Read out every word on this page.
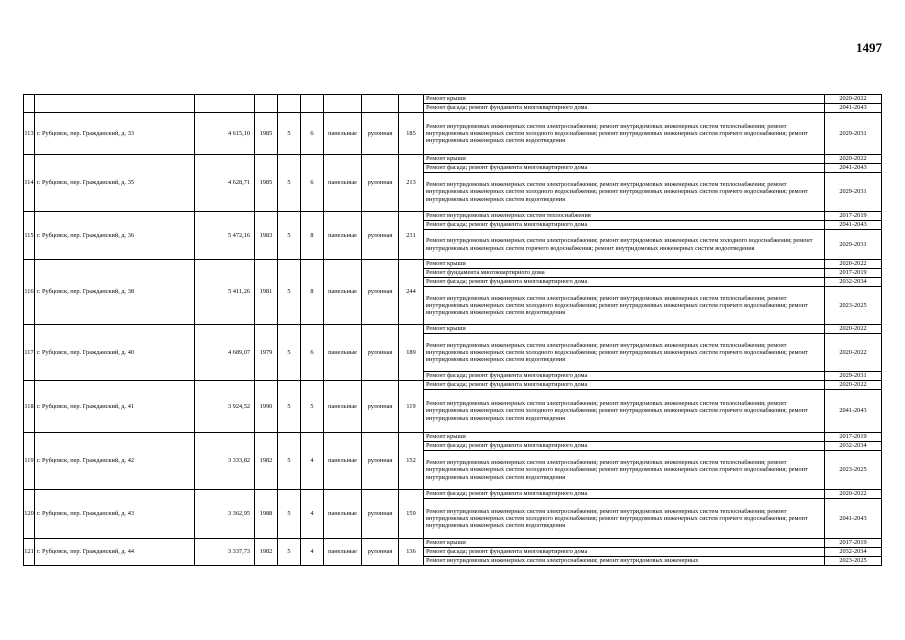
1497
									Ремонт крыши	2020-2022
									Ремонт фасада; ремонт фундамента многоквартирного дома	2041-2043
113	г. Рубцовск, пер. Гражданский, д. 33	4 615,10	1985	5	6	панельные	рулонная	185	Ремонт внутридомовых инженерных систем электроснабжения; ремонт внутридомовых инженерных систем теплоснабжения; ремонт внутридомовых инженерных систем холодного водоснабжения; ремонт внутридомовых инженерных систем горячего водоснабжения; ремонт внутридомовых инженерных систем водоотведения	2029-2031
114	г. Рубцовск, пер. Гражданский, д. 35	4 628,71	1985	5	6	панельные	рулонная	213	Ремонт крыши	2020-2022
									Ремонт фасада; ремонт фундамента многоквартирного дома	2041-2043
									Ремонт внутридомовых инженерных систем электроснабжения; ремонт внутридомовых инженерных систем теплоснабжения; ремонт внутридомовых инженерных систем холодного водоснабжения; ремонт внутридомовых инженерных систем горячего водоснабжения; ремонт внутридомовых инженерных систем водоотведения	2029-2031
115	г. Рубцовск, пер. Гражданский, д. 36	5 472,16	1983	5	8	панельные	рулонная	231	Ремонт внутридомовых инженерных систем теплоснабжения	2017-2019
									Ремонт фасада; ремонт фундамента многоквартирного дома	2041-2043
									Ремонт внутридомовых инженерных систем электроснабжения; ремонт внутридомовых инженерных систем холодного водоснабжения; ремонт внутридомовых инженерных систем горячего водоснабжения; ремонт внутридомовых инженерных систем водоотведения	2029-2031
116	г. Рубцовск, пер. Гражданский, д. 38	5 411,26	1981	5	8	панельные	рулонная	244	Ремонт крыши	2020-2022
									Ремонт фундамента многоквартирного дома	2017-2019
									Ремонт фасада; ремонт фундамента многоквартирного дома	2032-2034
									Ремонт внутридомовых инженерных систем электроснабжения; ремонт внутридомовых инженерных систем теплоснабжения; ремонт внутридомовых инженерных систем холодного водоснабжения; ремонт внутридомовых инженерных систем горячего водоснабжения; ремонт внутридомовых инженерных систем водоотведения	2023-2025
117	г. Рубцовск, пер. Гражданский, д. 40	4 689,07	1979	5	6	панельные	рулонная	189	Ремонт крыши	2020-2022
									Ремонт внутридомовых инженерных систем электроснабжения; ремонт внутридомовых инженерных систем теплоснабжения; ремонт внутридомовых инженерных систем холодного водоснабжения; ремонт внутридомовых инженерных систем горячего водоснабжения; ремонт внутридомовых инженерных систем водоотведения	2020-2022
									Ремонт фасада; ремонт фундамента многоквартирного дома	2029-2031
118	г. Рубцовск, пер. Гражданский, д. 41	3 924,52	1990	5	5	панельные	рулонная	119	Ремонт фасада; ремонт фундамента многоквартирного дома	2020-2022
									Ремонт внутридомовых инженерных систем электроснабжения; ремонт внутридомовых инженерных систем теплоснабжения; ремонт внутридомовых инженерных систем холодного водоснабжения; ремонт внутридомовых инженерных систем горячего водоснабжения; ремонт внутридомовых инженерных систем водоотведения	2041-2043
119	г. Рубцовск, пер. Гражданский, д. 42	3 333,82	1982	5	4	панельные	рулонная	152	Ремонт крыши	2017-2019
									Ремонт фасада; ремонт фундамента многоквартирного дома	2032-2034
									Ремонт внутридомовых инженерных систем электроснабжения; ремонт внутридомовых инженерных систем теплоснабжения; ремонт внутридомовых инженерных систем холодного водоснабжения; ремонт внутридомовых инженерных систем горячего водоснабжения; ремонт внутридомовых инженерных систем водоотведения	2023-2025
120	г. Рубцовск, пер. Гражданский, д. 43	3 362,95	1988	5	4	панельные	рулонная	159	Ремонт фасада; ремонт фундамента многоквартирного дома	2020-2022
									Ремонт внутридомовых инженерных систем электроснабжения; ремонт внутридомовых инженерных систем теплоснабжения; ремонт внутридомовых инженерных систем холодного водоснабжения; ремонт внутридомовых инженерных систем горячего водоснабжения; ремонт внутридомовых инженерных систем водоотведения	2041-2043
121	г. Рубцовск, пер. Гражданский, д. 44	3 337,73	1982	5	4	панельные	рулонная	136	Ремонт крыши	2017-2019
									Ремонт фасада; ремонт фундамента многоквартирного дома	2032-2034
									Ремонт внутридомовых инженерных систем электроснабжения; ремонт внутридомовых инженерных	2023-2025
